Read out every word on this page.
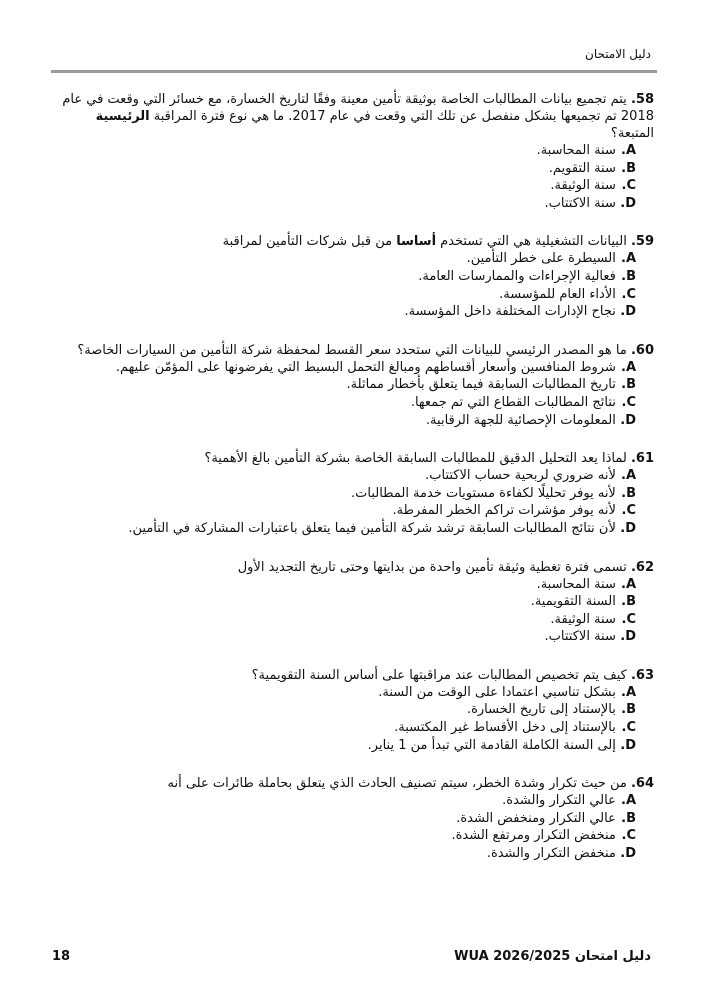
دليل الامتحان
58. يتم تجميع بيانات المطالبات الخاصة بوثيقة تأمين معينة وفقًا لتاريخ الخسارة، مع خسائر التي وقعت في عام 2018 تم تجميعها بشكل منفصل عن تلك التي وقعت في عام 2017. ما هي نوع فترة المراقبة الرئيسية المتبعة؟
A. سنة المحاسبة.
B. سنة التقويم.
C. سنة الوثيقة.
D. سنة الاكتتاب.
59. البيانات التشغيلية هي التي تستخدم أساسا من قبل شركات التأمين لمراقبة
A. السيطرة على خطر التأمين.
B. فعالية الإجراءات والممارسات العامة.
C. الأداء العام للمؤسسة.
D. نجاح الإدارات المختلفة داخل المؤسسة.
60. ما هو المصدر الرئيسي للبيانات التي ستحدد سعر القسط لمحفظة شركة التأمين من السيارات الخاصة؟
A. شروط المنافسين وأسعار أقساطهم ومبالغ التحمل البسيط التي يفرضونها على المؤمّن عليهم.
B. تاريخ المطالبات السابقة فيما يتعلق بأخطار مماثلة.
C. نتائج المطالبات القطاع التي تم جمعها.
D. المعلومات الإحصائية للجهة الرقابية.
61. لماذا يعد التحليل الدقيق للمطالبات السابقة الخاصة بشركة التأمين بالغ الأهمية؟
A. لأنه ضروري لربحية حساب الاكتتاب.
B. لأنه يوفر تحليلًا لكفاءة مستويات خدمة المطالبات.
C. لأنه يوفر مؤشرات تراكم الخطر المفرطة.
D. لأن نتائج المطالبات السابقة ترشد شركة التأمين فيما يتعلق باعتبارات المشاركة في التأمين.
62. تسمى فترة تغطية وثيقة تأمين واحدة من بدايتها وحتى تاريخ التجديد الأول
A. سنة المحاسبة.
B. السنة التقويمية.
C. سنة الوثيقة.
D. سنة الاكتتاب.
63. كيف يتم تخصيص المطالبات عند مراقبتها على أساس السنة التقويمية؟
A. بشكل تناسبي اعتمادا على الوقت من السنة.
B. بالإستناد إلى تاريخ الخسارة.
C. بالإستناد إلى دخل الأقساط غير المكتسبة.
D. إلى السنة الكاملة القادمة التي تبدأ من 1 يناير.
64. من حيث تكرار وشدة الخطر، سيتم تصنيف الحادث الذي يتعلق بحاملة طائرات على أنه
A. عالي التكرار والشدة.
B. عالي التكرار ومنخفض الشدة.
C. منخفض التكرار ومرتفع الشدة.
D. منخفض التكرار والشدة.
18	دليل امتحان WUA 2026/2025
